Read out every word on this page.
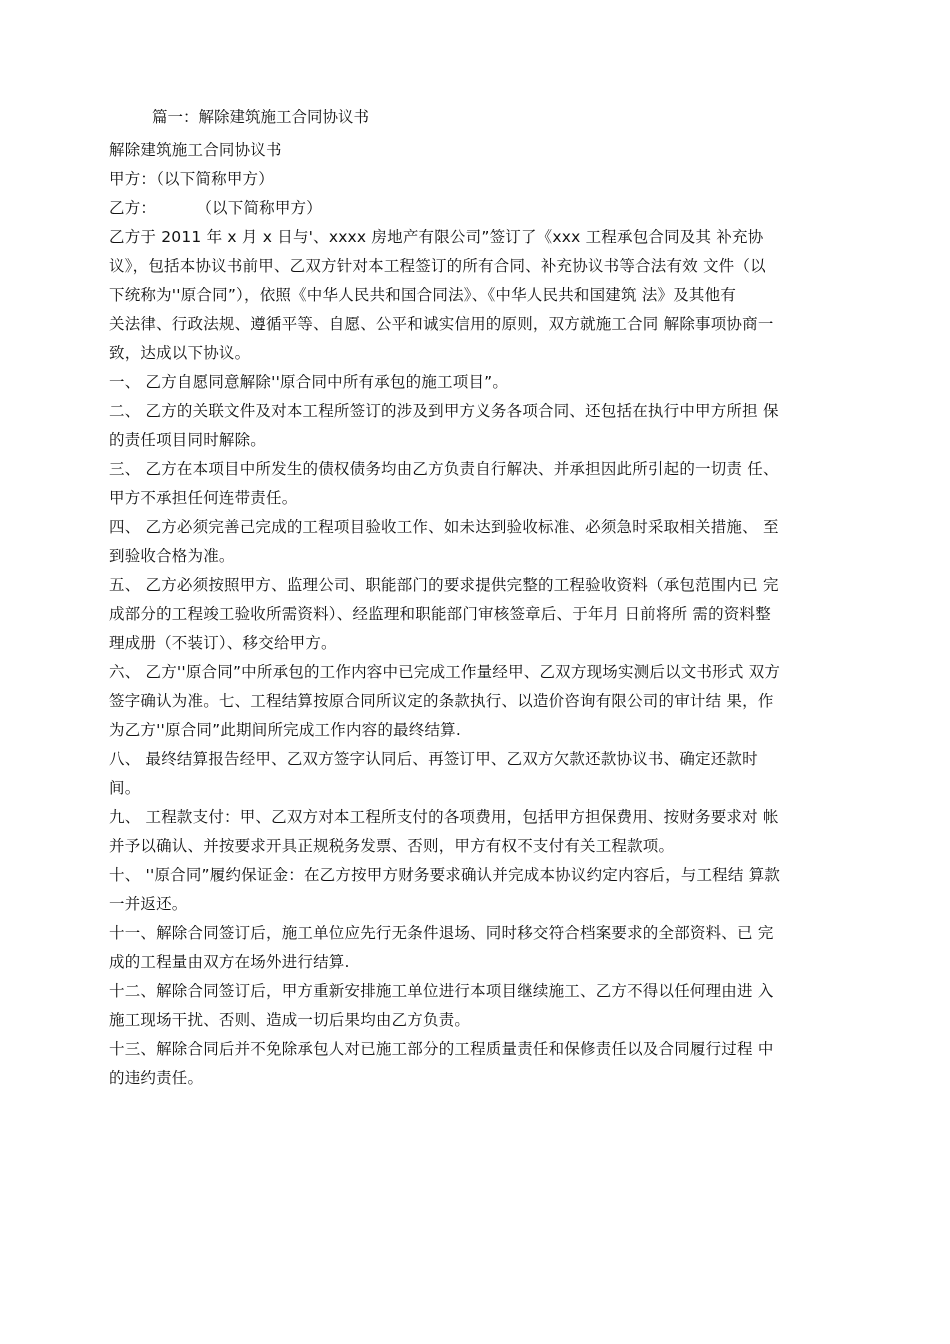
篇一：解除建筑施工合同协议书
解除建筑施工合同协议书
甲方：（以下简称甲方）
乙方：	（以下简称甲方）
乙方于 2011 年 x 月 x 日与'、xxxx 房地产有限公司”签订了《xxx 工程承包合同及其 补充协
议》，包括本协议书前甲、乙双方针对本工程签订的所有合同、补充协议书等合法有效 文件（以
下统称为''原合同”），依照《中华人民共和国合同法》、《中华人民共和国建筑 法》及其他有
关法律、行政法规、遵循平等、自愿、公平和诚实信用的原则，双方就施工合同 解除事项协商一
致，达成以下协议。
一、 乙方自愿同意解除''原合同中所有承包的施工项目”。
二、 乙方的关联文件及对本工程所签订的涉及到甲方义务各项合同、还包括在执行中甲方所担 保
的责任项目同时解除。
三、 乙方在本项目中所发生的债权债务均由乙方负责自行解决、并承担因此所引起的一切责 任、
甲方不承担任何连带责任。
四、 乙方必须完善己完成的工程项目验收工作、如未达到验收标准、必须急时采取相关措施、 至
到验收合格为准。
五、 乙方必须按照甲方、监理公司、职能部门的要求提供完整的工程验收资料（承包范围内已 完
成部分的工程竣工验收所需资料）、经监理和职能部门审核签章后、于年月 日前将所 需的资料整
理成册（不装订）、移交给甲方。
六、 乙方''原合同”中所承包的工作内容中已完成工作量经甲、乙双方现场实测后以文书形式 双方
签字确认为准。七、工程结算按原合同所议定的条款执行、以造价咨询有限公司的审计结 果，作
为乙方''原合同”此期间所完成工作内容的最终结算.
八、 最终结算报告经甲、乙双方签字认同后、再签订甲、乙双方欠款还款协议书、确定还款时
间。
九、 工程款支付：甲、乙双方对本工程所支付的各项费用，包括甲方担保费用、按财务要求对 帐
并予以确认、并按要求开具正规税务发票、否则，甲方有权不支付有关工程款项。
十、 ''原合同”履约保证金：在乙方按甲方财务要求确认并完成本协议约定内容后，与工程结 算款
一并返还。
十一、解除合同签订后，施工单位应先行无条件退场、同时移交符合档案要求的全部资料、已 完
成的工程量由双方在场外进行结算.
十二、解除合同签订后，甲方重新安排施工单位进行本项目继续施工、乙方不得以任何理由进 入
施工现场干扰、否则、造成一切后果均由乙方负责。
十三、解除合同后并不免除承包人对已施工部分的工程质量责任和保修责任以及合同履行过程 中
的违约责任。
